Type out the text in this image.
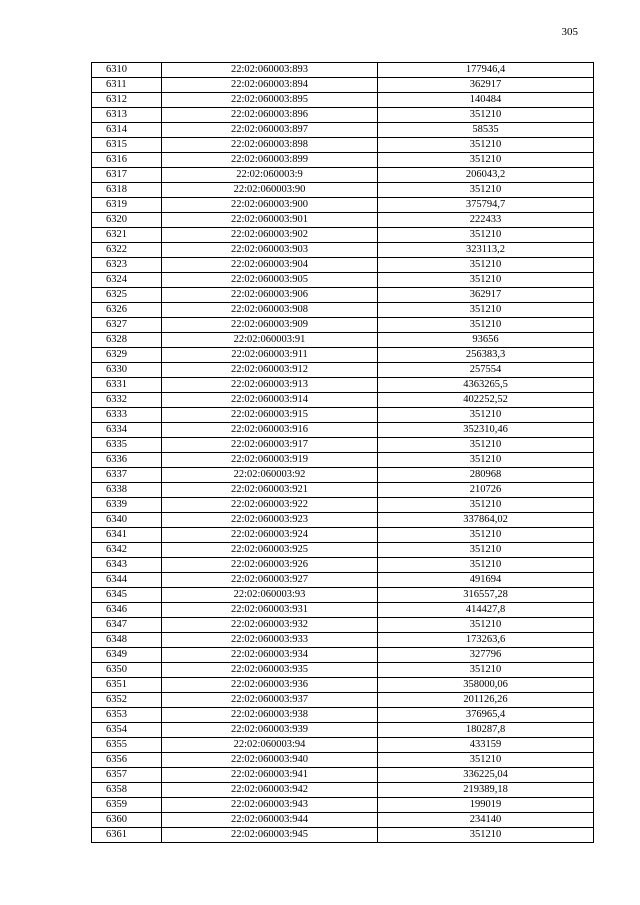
305
6310	22:02:060003:893	177946,4
6311	22:02:060003:894	362917
6312	22:02:060003:895	140484
6313	22:02:060003:896	351210
6314	22:02:060003:897	58535
6315	22:02:060003:898	351210
6316	22:02:060003:899	351210
6317	22:02:060003:9	206043,2
6318	22:02:060003:90	351210
6319	22:02:060003:900	375794,7
6320	22:02:060003:901	222433
6321	22:02:060003:902	351210
6322	22:02:060003:903	323113,2
6323	22:02:060003:904	351210
6324	22:02:060003:905	351210
6325	22:02:060003:906	362917
6326	22:02:060003:908	351210
6327	22:02:060003:909	351210
6328	22:02:060003:91	93656
6329	22:02:060003:911	256383,3
6330	22:02:060003:912	257554
6331	22:02:060003:913	4363265,5
6332	22:02:060003:914	402252,52
6333	22:02:060003:915	351210
6334	22:02:060003:916	352310,46
6335	22:02:060003:917	351210
6336	22:02:060003:919	351210
6337	22:02:060003:92	280968
6338	22:02:060003:921	210726
6339	22:02:060003:922	351210
6340	22:02:060003:923	337864,02
6341	22:02:060003:924	351210
6342	22:02:060003:925	351210
6343	22:02:060003:926	351210
6344	22:02:060003:927	491694
6345	22:02:060003:93	316557,28
6346	22:02:060003:931	414427,8
6347	22:02:060003:932	351210
6348	22:02:060003:933	173263,6
6349	22:02:060003:934	327796
6350	22:02:060003:935	351210
6351	22:02:060003:936	358000,06
6352	22:02:060003:937	201126,26
6353	22:02:060003:938	376965,4
6354	22:02:060003:939	180287,8
6355	22:02:060003:94	433159
6356	22:02:060003:940	351210
6357	22:02:060003:941	336225,04
6358	22:02:060003:942	219389,18
6359	22:02:060003:943	199019
6360	22:02:060003:944	234140
6361	22:02:060003:945	351210
